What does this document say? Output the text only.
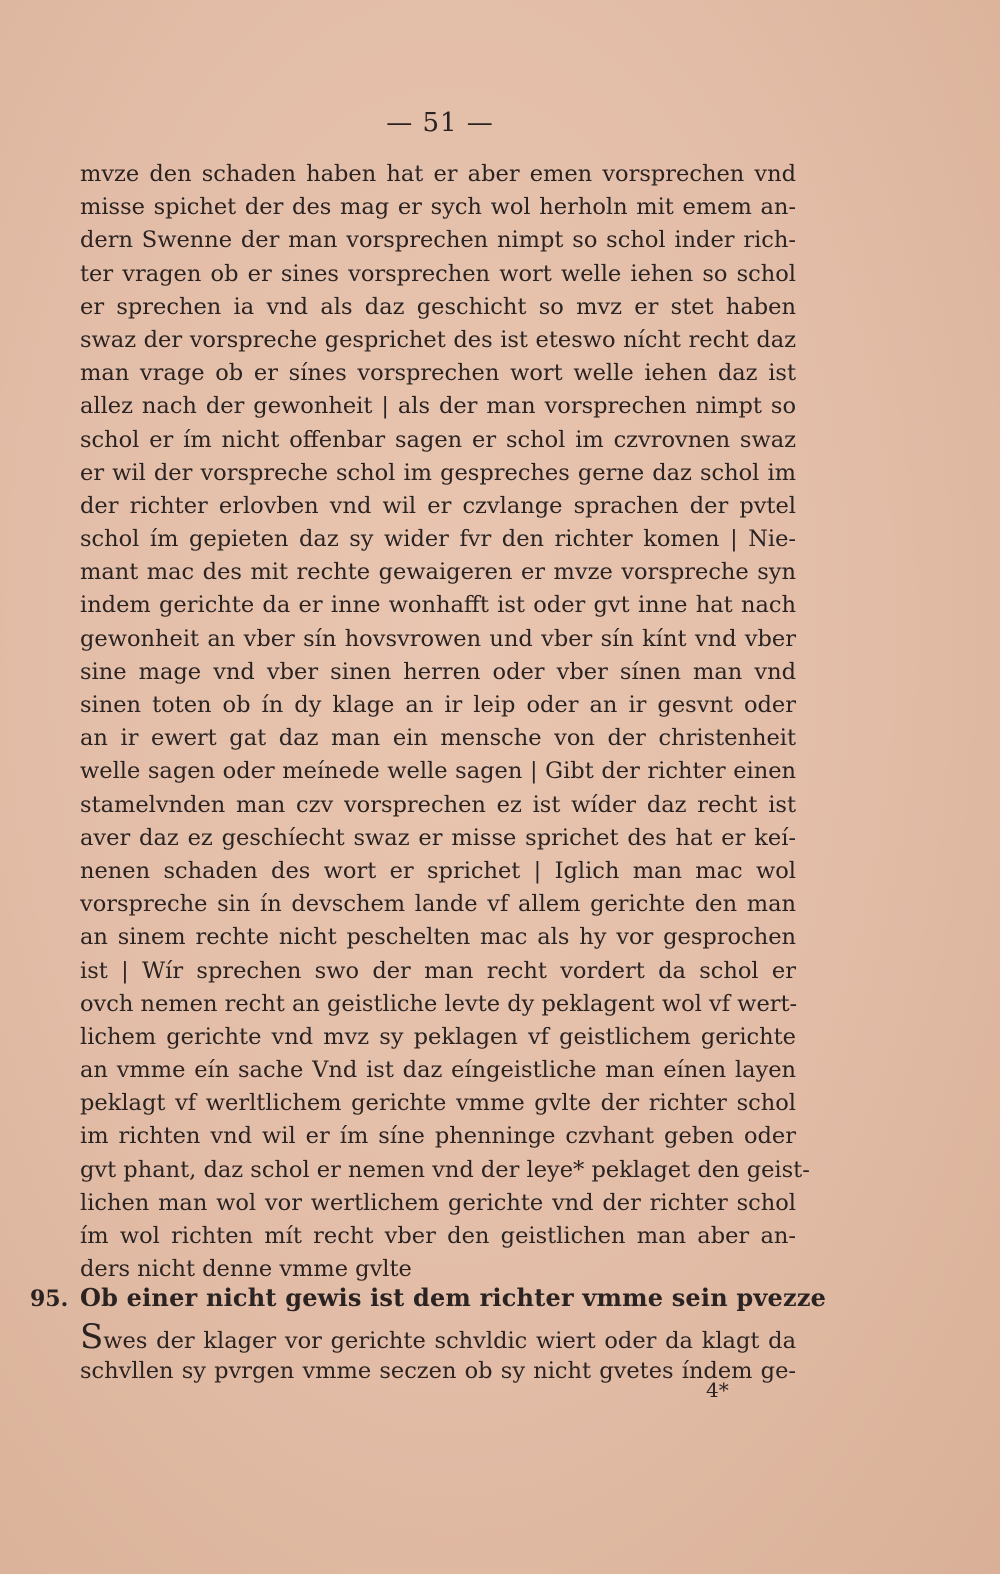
— 51 —
mvze den schaden haben hat er aber emen vorsprechen vnd
misse spichet der des mag er sych wol herholn mit emem an-
dern Swenne der man vorsprechen nimpt so schol inder rich-
ter vragen ob er sines vorsprechen wort welle iehen so schol
er sprechen ia vnd als daz geschicht so mvz er stet haben
swaz der vorspreche gesprichet des ist eteswo nícht recht daz
man vrage ob er sínes vorsprechen wort welle iehen daz ist
allez nach der gewonheit | als der man vorsprechen nimpt so
schol er ím nicht offenbar sagen er schol im czvrovnen swaz
er wil der vorspreche schol im gespreches gerne daz schol im
der richter erlovben vnd wil er czvlange sprachen der pvtel
schol ím gepieten daz sy wider fvr den richter komen | Nie-
mant mac des mit rechte gewaigeren er mvze vorspreche syn
indem gerichte da er inne wonhafft ist oder gvt inne hat nach
gewonheit an vber sín hovsvrowen und vber sín kínt vnd vber
sine mage vnd vber sinen herren oder vber sínen man vnd
sinen toten ob ín dy klage an ir leip oder an ir gesvnt oder
an ir ewert gat daz man ein mensche von der christenheit
welle sagen oder meínede welle sagen | Gibt der richter einen
stamelvnden man czv vorsprechen ez ist wíder daz recht ist
aver daz ez geschíecht swaz er misse sprichet des hat er keí-
nenen schaden des wort er sprichet | Iglich man mac wol
vorspreche sin ín devschem lande vf allem gerichte den man
an sinem rechte nicht peschelten mac als hy vor gesprochen
ist | Wír sprechen swo der man recht vordert da schol er
ovch nemen recht an geistliche levte dy peklagent wol vf wert-
lichem gerichte vnd mvz sy peklagen vf geistlichem gerichte
an vmme eín sache Vnd ist daz eíngeistliche man eínen layen
peklagt vf werltlichem gerichte vmme gvlte der richter schol
im richten vnd wil er ím síne phenninge czvhant geben oder
gvt phant, daz schol er nemen vnd der leye* peklaget den geist-
lichen man wol vor wertlichem gerichte vnd der richter schol
ím wol richten mít recht vber den geistlichen man aber an-
ders nicht denne vmme gvlte
95. Ob einer nicht gewis ist dem richter vmme sein pvezze
Swes der klager vor gerichte schvldic wiert oder da klagt da
schvllen sy pvrgen vmme seczen ob sy nicht gvetes índem ge-
4*
